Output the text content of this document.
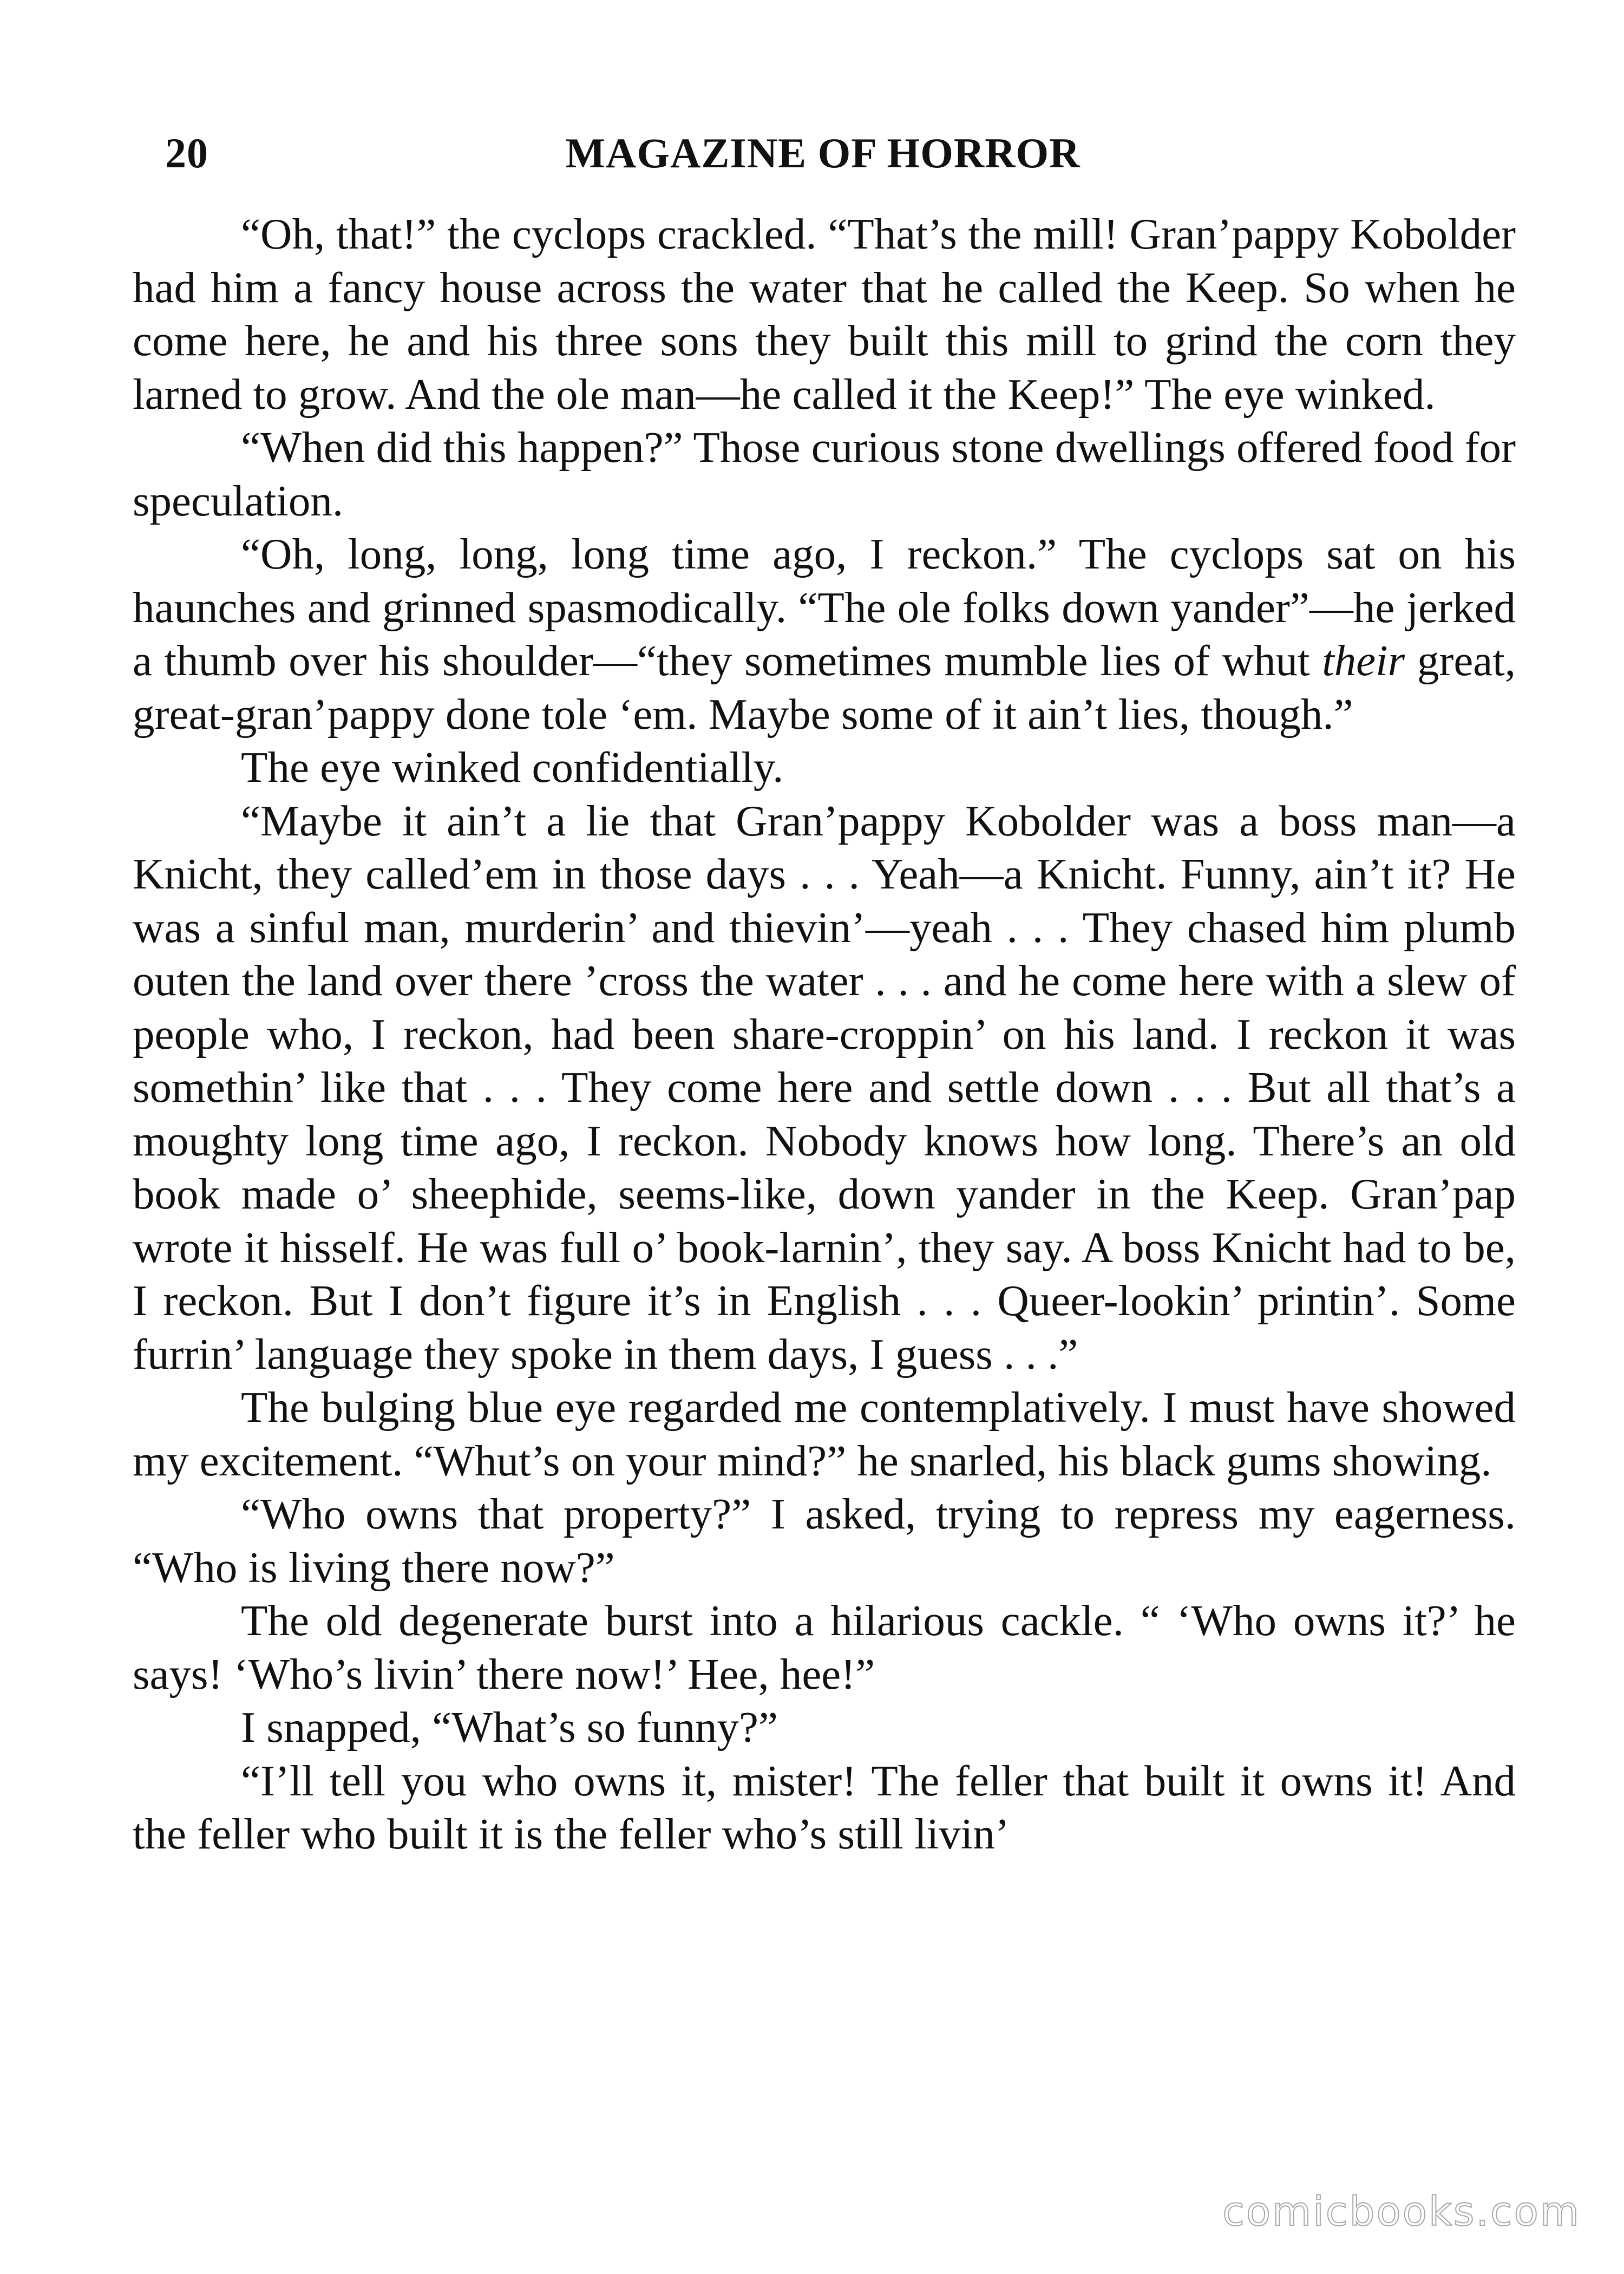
20	MAGAZINE OF HORROR

“Oh, that!” the cyclops crackled. “That’s the mill! Gran’pappy Kobolder had him a fancy house across the water that he called the Keep. So when he come here, he and his three sons they built this mill to grind the corn they larned to grow. And the ole man—he called it the Keep!” The eye winked.

“When did this happen?” Those curious stone dwellings offered food for speculation.

“Oh, long, long, long time ago, I reckon.” The cyclops sat on his haunches and grinned spasmodically. “The ole folks down yander”—he jerked a thumb over his shoulder—“they sometimes mumble lies of whut their great, great-gran’pappy done tole ‘em. Maybe some of it ain’t lies, though.”

The eye winked confidentially.

“Maybe it ain’t a lie that Gran’pappy Kobolder was a boss man—a Knicht, they called’em in those days . . . Yeah—a Knicht. Funny, ain’t it? He was a sinful man, murderin’ and thievin’—yeah . . . They chased him plumb outen the land over there ’cross the water . . . and he come here with a slew of people who, I reckon, had been share-croppin’ on his land. I reckon it was somethin’ like that . . . They come here and settle down . . . But all that’s a moughty long time ago, I reckon. Nobody knows how long. There’s an old book made o’ sheephide, seems-like, down yander in the Keep. Gran’pap wrote it hisself. He was full o’ book-larnin’, they say. A boss Knicht had to be, I reckon. But I don’t figure it’s in English . . . Queer-lookin’ printin’. Some furrin’ language they spoke in them days, I guess . . .”

The bulging blue eye regarded me contemplatively. I must have showed my excitement. “Whut’s on your mind?” he snarled, his black gums showing.

“Who owns that property?” I asked, trying to repress my eagerness. “Who is living there now?”

The old degenerate burst into a hilarious cackle. “ ‘Who owns it?’ he says! ‘Who’s livin’ there now!’ Hee, hee!”

I snapped, “What’s so funny?”

“I’ll tell you who owns it, mister! The feller that built it owns it! And the feller who built it is the feller who’s still livin’

comicbooks.com
